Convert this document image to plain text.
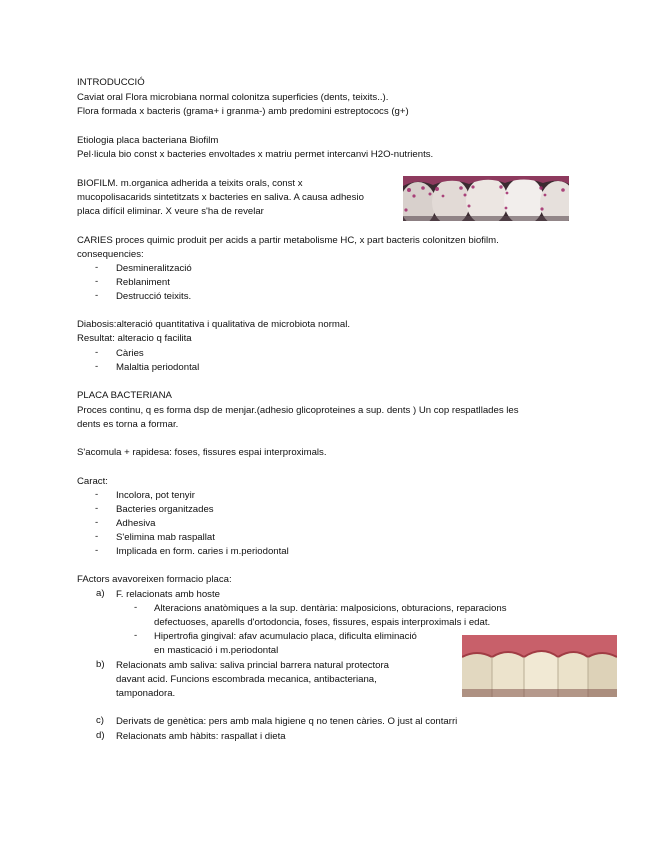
INTRODUCCIÓ
Caviat oral Flora microbiana normal colonitza superficies (dents, teixits..).
Flora formada x bacteris (grama+ i granma-) amb predomini estreptococs (g+)
Etiologia placa bacteriana Biofilm
Pel·licula bio const x bacteries envoltades x matriu permet intercanvi H2O-nutrients.
BIOFILM. m.organica adherida a teixits orals, const x
mucopolisacarids sintetitzats x bacteries en saliva. A causa adhesio
placa difícil eliminar. X veure s'ha de revelar
CARIES proces quimic produit per acids a partir metabolisme HC, x part bacteris colonitzen biofilm.
consequencies:
- Desmineralització
- Reblaniment
- Destrucció teixits.
Diabosis:alteració quantitativa i qualitativa de microbiota normal.
Resultat: alteracio q facilita
- Càries
- Malaltia periodontal
PLACA BACTERIANA
Proces continu, q es forma dsp de menjar.(adhesio glicoproteines a sup. dents ) Un cop respatllades les
dents es torna a formar.
S'acomula + rapidesa: foses, fissures espai interproximals.
Caract:
- Incolora, pot tenyir
- Bacteries organitzades
- Adhesiva
- S'elimina mab raspallat
- Implicada en form. caries i m.periodontal
FActors avavoreixen formacio placa:
a) F. relacionats amb hoste
- Alteracions anatòmiques a la sup. dentària: malposicions, obturacions, reparacions
defectuoses, aparells d'ortodoncia, foses, fissures, espais interproximals i edat.
- Hipertrofia gingival: afav acumulacio placa, dificulta eliminació
en masticació i m.periodontal
b) Relacionats amb saliva: saliva princial barrera natural protectora
davant acid. Funcions escombrada mecanica, antibacteriana,
tamponadora.
c) Derivats de genètica: pers amb mala higiene q no tenen càries. O just al contarri
d) Relacionats amb hàbits: raspallat i dieta
